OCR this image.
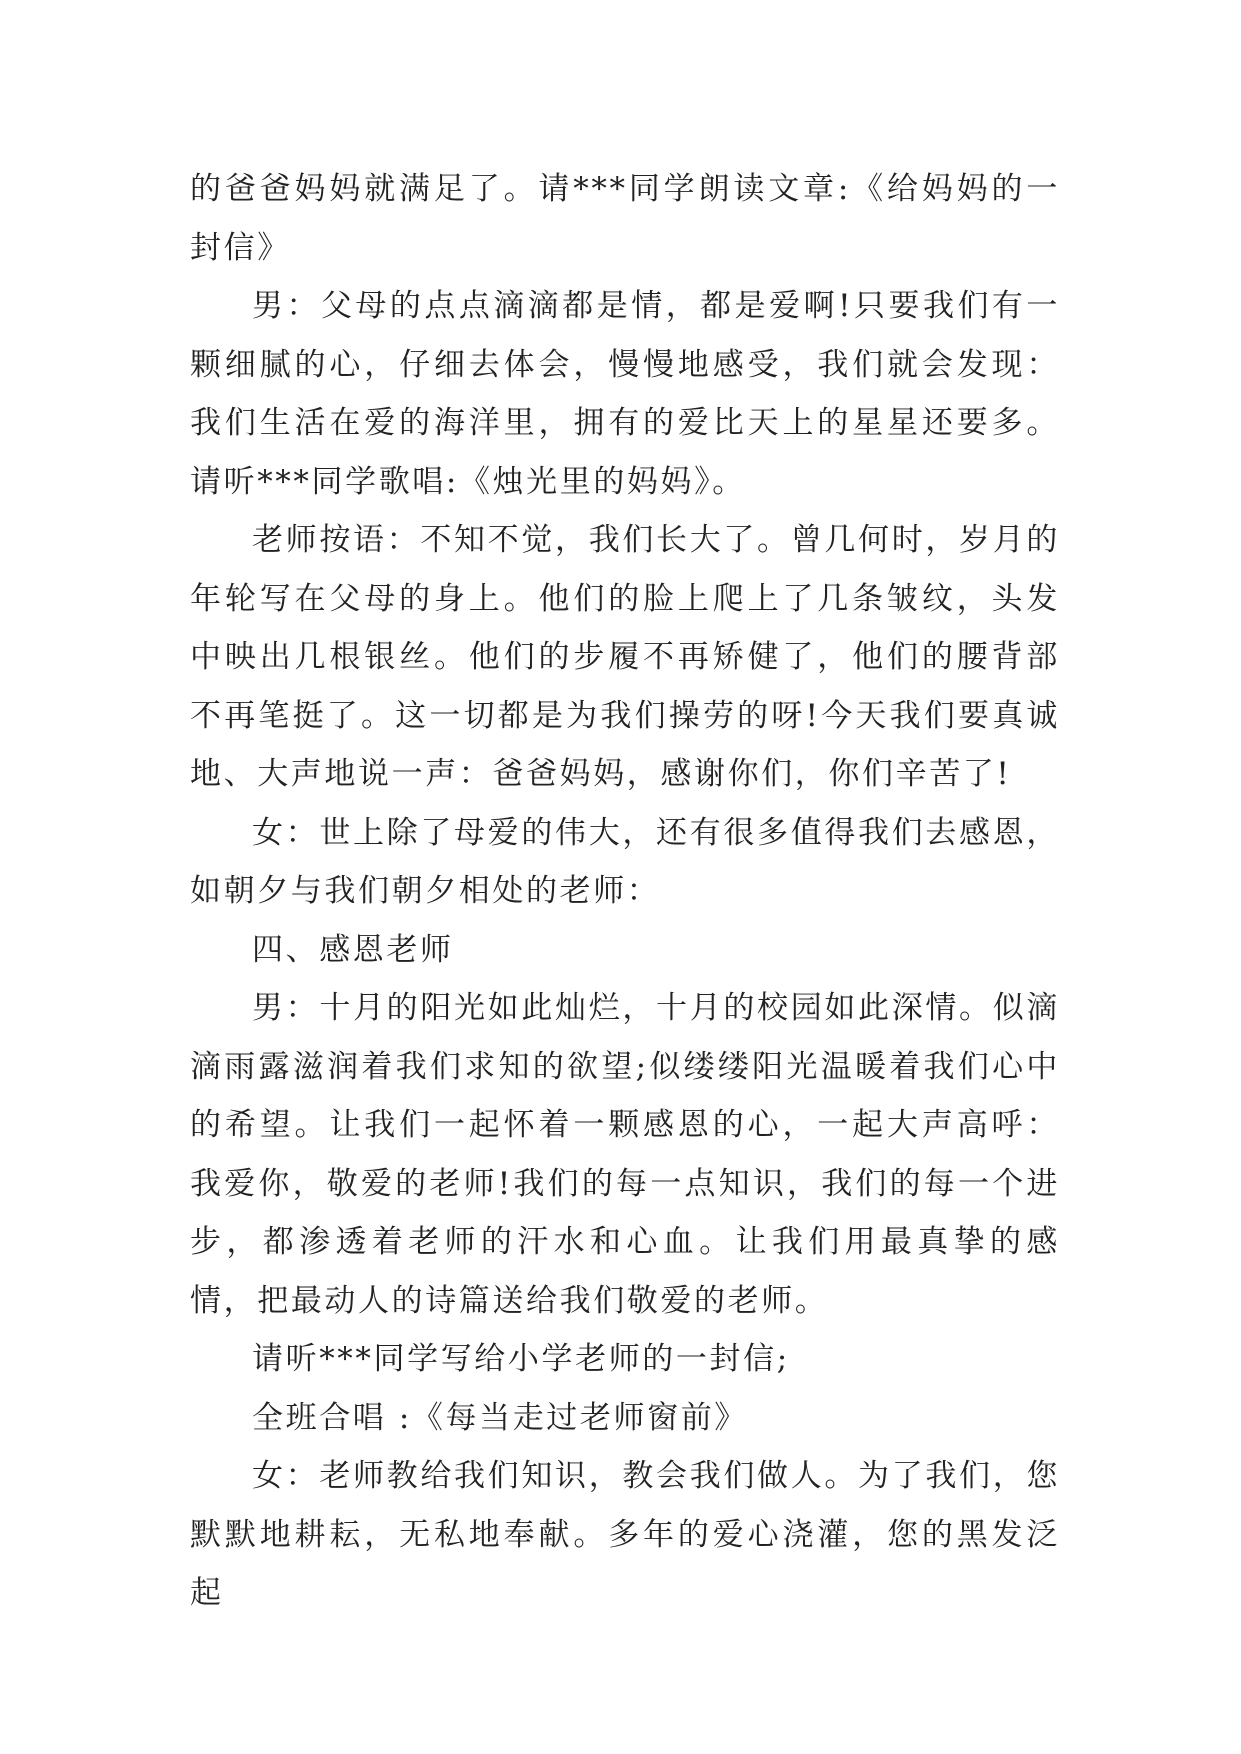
的爸爸妈妈就满足了。请***同学朗读文章:《给妈妈的一封信》

男：父母的点点滴滴都是情，都是爱啊!只要我们有一颗细腻的心，仔细去体会，慢慢地感受，我们就会发现：我们生活在爱的海洋里，拥有的爱比天上的星星还要多。 请听***同学歌唱:《烛光里的妈妈》。

老师按语：不知不觉，我们长大了。曾几何时，岁月的年轮写在父母的身上。他们的脸上爬上了几条皱纹，头发中映出几根银丝。他们的步履不再矫健了，他们的腰背部不再笔挺了。这一切都是为我们操劳的呀!今天我们要真诚地、大声地说一声：爸爸妈妈，感谢你们，你们辛苦了!

女：世上除了母爱的伟大，还有很多值得我们去感恩，如朝夕与我们朝夕相处的老师：

四、感恩老师

男：十月的阳光如此灿烂，十月的校园如此深情。似滴滴雨露滋润着我们求知的欲望;似缕缕阳光温暖着我们心中的希望。让我们一起怀着一颗感恩的心，一起大声高呼：我爱你，敬爱的老师!我们的每一点知识，我们的每一个进步，都渗透着老师的汗水和心血。让我们用最真挚的感情，把最动人的诗篇送给我们敬爱的老师。

请听***同学写给小学老师的一封信;

全班合唱 :《每当走过老师窗前》

女：老师教给我们知识，教会我们做人。为了我们，您默默地耕耘，无私地奉献。多年的爱心浇灌，您的黑发泛起
